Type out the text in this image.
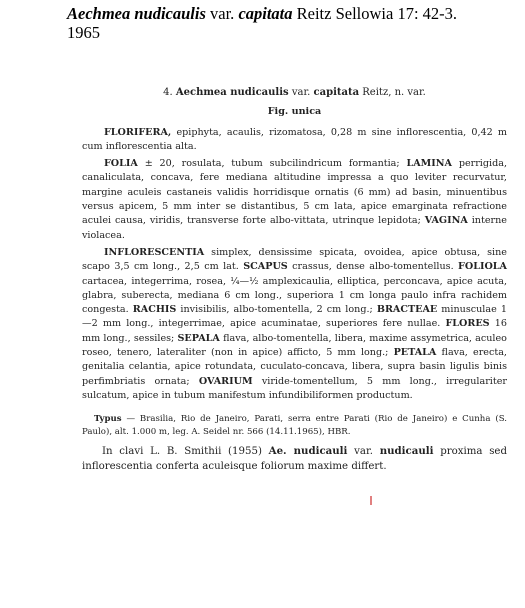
Aechmea nudicaulis var. capitata Reitz Sellowia 17: 42-3.
1965

4. Aechmea nudicaulis var. capitata Reitz, n. var.

Fig. unica

FLORIFERA, epiphyta, acaulis, rizomatosa, 0,28 m sine inflorescentia, 0,42 m cum inflorescentia alta.

FOLIA ± 20, rosulata, tubum subcilindricum formantia; LAMINA perrigida, canaliculata, concava, fere mediana altitudine impressa a quo leviter recurvatur, margine aculeis castaneis validis horridisque ornatis (6 mm) ad basin, minuentibus versus apicem, 5 mm inter se distantibus, 5 cm lata, apice emarginata refractione aculei causa, viridis, transverse forte albo-vittata, utrinque lepidota; VAGINA interne violacea.

INFLORESCENTIA simplex, densissime spicata, ovoidea, apice obtusa, sine scapo 3,5 cm long., 2,5 cm lat. SCAPUS crassus, dense albo-tomentellus. FOLIOLA cartacea, integerrima, rosea, ¼—½ amplexicaulia, elliptica, perconcava, apice acuta, glabra, suberecta, mediana 6 cm long., superiora 1 cm longa paulo infra rachidem congesta. RACHIS invisibilis, albo-tomentella, 2 cm long.; BRACTEAE minusculae 1—2 mm long., integerrimae, apice acuminatae, superiores fere nullae. FLORES 16 mm long., sessiles; SEPALA flava, albo-tomentella, libera, maxime assymetrica, aculeo roseo, tenero, lateraliter (non in apice) afficto, 5 mm long.; PETALA flava, erecta, genitalia celantia, apice rotundata, cuculato-concava, libera, supra basin ligulis binis perfimbriatis ornata; OVARIUM viride-tomentellum, 5 mm long., irregulariter sulcatum, apice in tubum manifestum infundibiliformen productum.

Typus — Brasilia, Rio de Janeiro, Parati, serra entre Parati (Rio de Janeiro) e Cunha (S. Paulo), alt. 1.000 m, leg. A. Seidel nr. 566 (14.11.1965), HBR.

In clavi L. B. Smithii (1955) Ae. nudicauli var. nudicauli proxima sed inflorescentia conferta aculeisque foliorum maxime differt.
